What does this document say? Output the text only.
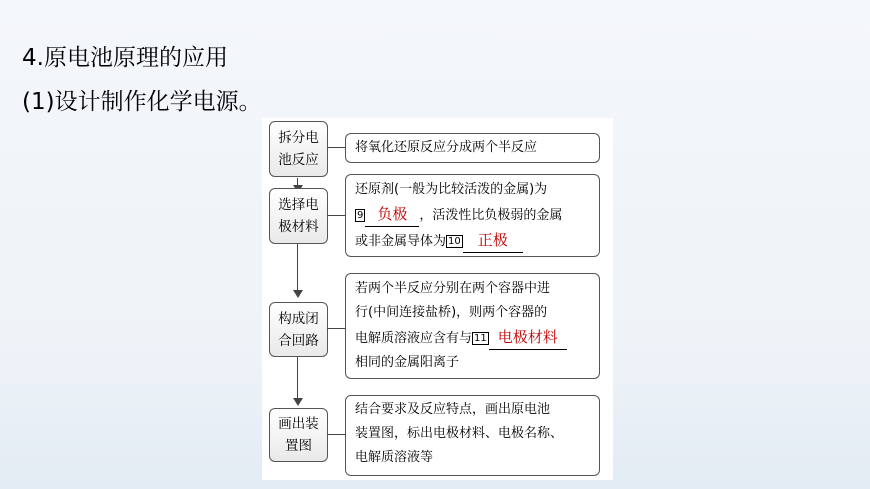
4.原电池原理的应用
(1)设计制作化学电源。
拆分电池反应
将氧化还原反应分成两个半反应
选择电极材料
还原剂(一般为比较活泼的金属)为
9 负极 ，活泼性比负极弱的金属
或非金属导体为 10 正极
构成闭合回路
若两个半反应分别在两个容器中进
行(中间连接盐桥)，则两个容器的
电解质溶液应含有与 11 电极材料
相同的金属阳离子
画出装置图
结合要求及反应特点，画出原电池
装置图，标出电极材料、电极名称、
电解质溶液等
